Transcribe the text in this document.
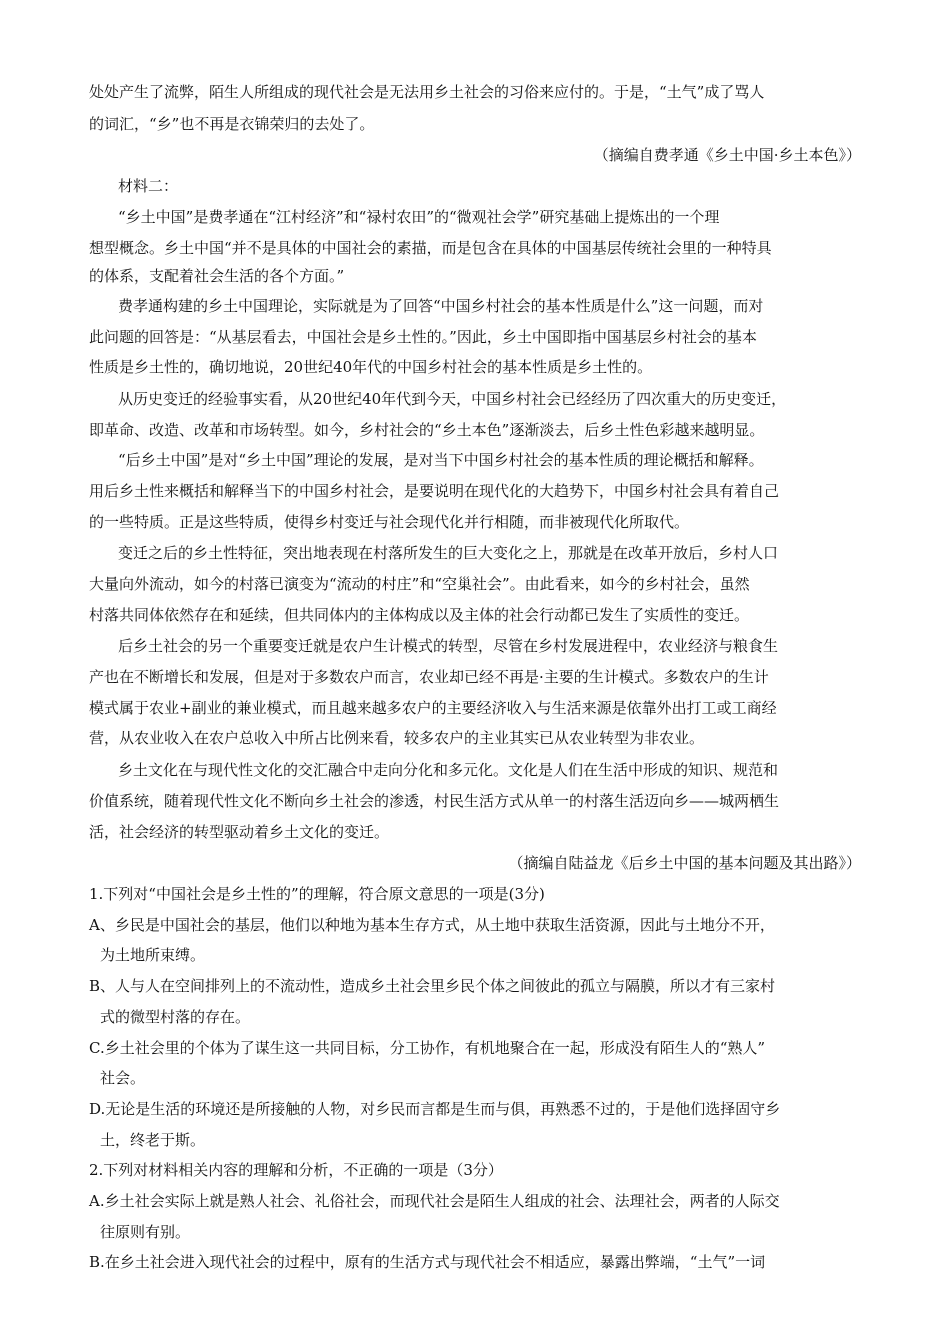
处处产生了流弊，陌生人所组成的现代社会是无法用乡土社会的习俗来应付的。于是，“土气”成了骂人
的词汇，“乡”也不再是衣锦荣归的去处了。
（摘编自费孝通《乡土中国·乡土本色》）
材料二：
“乡土中国”是费孝通在“江村经济”和“禄村农田”的“微观社会学”研究基础上提炼出的一个理
想型概念。乡土中国“并不是具体的中国社会的素描，而是包含在具体的中国基层传统社会里的一种特具
的体系，支配着社会生活的各个方面。”
费孝通构建的乡土中国理论，实际就是为了回答“中国乡村社会的基本性质是什么”这一问题，而对
此问题的回答是：“从基层看去，中国社会是乡土性的。”因此，乡土中国即指中国基层乡村社会的基本
性质是乡土性的，确切地说，20世纪40年代的中国乡村社会的基本性质是乡土性的。
从历史变迁的经验事实看，从20世纪40年代到今天，中国乡村社会已经经历了四次重大的历史变迁，
即革命、改造、改革和市场转型。如今，乡村社会的“乡土本色”逐渐淡去，后乡土性色彩越来越明显。
“后乡土中国”是对“乡土中国”理论的发展，是对当下中国乡村社会的基本性质的理论概括和解释。
用后乡土性来概括和解释当下的中国乡村社会，是要说明在现代化的大趋势下，中国乡村社会具有着自己
的一些特质。正是这些特质，使得乡村变迁与社会现代化并行相随，而非被现代化所取代。
变迁之后的乡土性特征，突出地表现在村落所发生的巨大变化之上，那就是在改革开放后，乡村人口
大量向外流动，如今的村落已演变为“流动的村庄”和“空巢社会”。由此看来，如今的乡村社会，虽然
村落共同体依然存在和延续，但共同体内的主体构成以及主体的社会行动都已发生了实质性的变迁。
后乡土社会的另一个重要变迁就是农户生计模式的转型，尽管在乡村发展进程中，农业经济与粮食生
产也在不断增长和发展，但是对于多数农户而言，农业却已经不再是·主要的生计模式。多数农户的生计
模式属于农业+副业的兼业模式，而且越来越多农户的主要经济收入与生活来源是依靠外出打工或工商经
营，从农业收入在农户总收入中所占比例来看，较多农户的主业其实已从农业转型为非农业。
乡土文化在与现代性文化的交汇融合中走向分化和多元化。文化是人们在生活中形成的知识、规范和
价值系统，随着现代性文化不断向乡土社会的渗透，村民生活方式从单一的村落生活迈向乡——城两栖生
活，社会经济的转型驱动着乡土文化的变迁。
（摘编自陆益龙《后乡土中国的基本问题及其出路》）
1.下列对“中国社会是乡土性的”的理解，符合原文意思的一项是(3分)
A、乡民是中国社会的基层，他们以种地为基本生存方式，从土地中获取生活资源，因此与土地分不开，
为土地所束缚。
B、人与人在空间排列上的不流动性，造成乡土社会里乡民个体之间彼此的孤立与隔膜，所以才有三家村
式的微型村落的存在。
C.乡土社会里的个体为了谋生这一共同目标，分工协作，有机地聚合在一起，形成没有陌生人的“熟人”
社会。
D.无论是生活的环境还是所接触的人物，对乡民而言都是生而与俱，再熟悉不过的，于是他们选择固守乡
土，终老于斯。
2.下列对材料相关内容的理解和分析，不正确的一项是（3分）
A.乡土社会实际上就是熟人社会、礼俗社会，而现代社会是陌生人组成的社会、法理社会，两者的人际交
往原则有别。
B.在乡土社会进入现代社会的过程中，原有的生活方式与现代社会不相适应，暴露出弊端，“土气”一词
